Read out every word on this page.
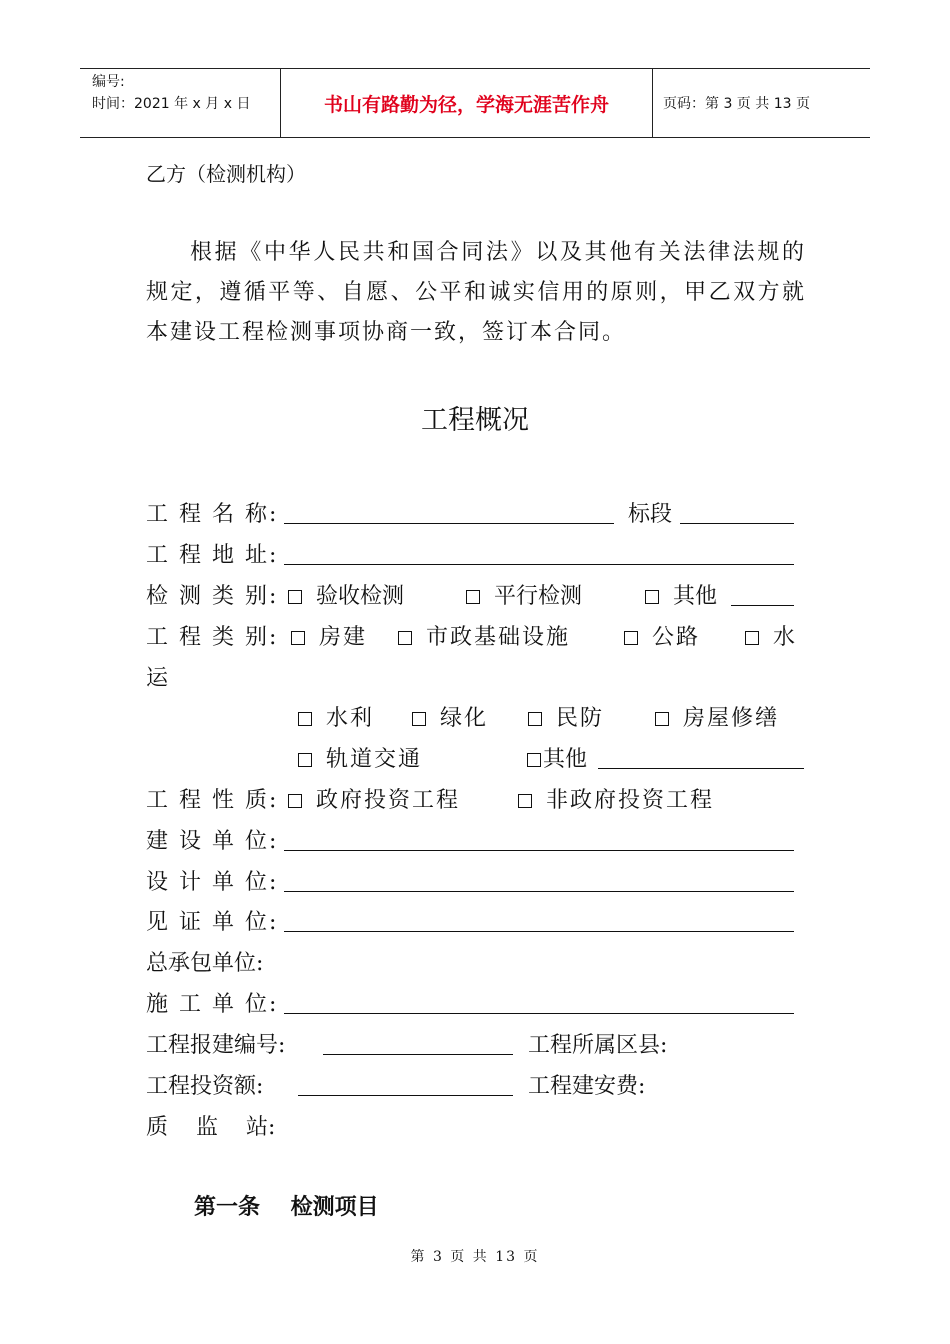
编号:
时间：2021 年 x 月 x 日	书山有路勤为径，学海无涯苦作舟	页码：第 3 页 共 13 页
乙方（检测机构）
根据《中华人民共和国合同法》以及其他有关法律法规的规定，遵循平等、自愿、公平和诚实信用的原则，甲乙双方就本建设工程检测事项协商一致，签订本合同。
工程概况
工 程 名 称:	标段
工 程 地 址:
检 测 类 别:	验收检测	平行检测	其他
工 程 类 别:	房建	市政基础设施	公路	水
运
水利	绿化	民防	房屋修缮
轨道交通	其他
工 程 性 质:	政府投资工程	非政府投资工程
建 设 单 位:
设 计 单 位:
见 证 单 位:
总承包单位:
施 工 单 位:
工程报建编号:	工程所属区县:
工程投资额:	工程建安费:
质    监    站:
第一条    检测项目
第 3 页 共 13 页
